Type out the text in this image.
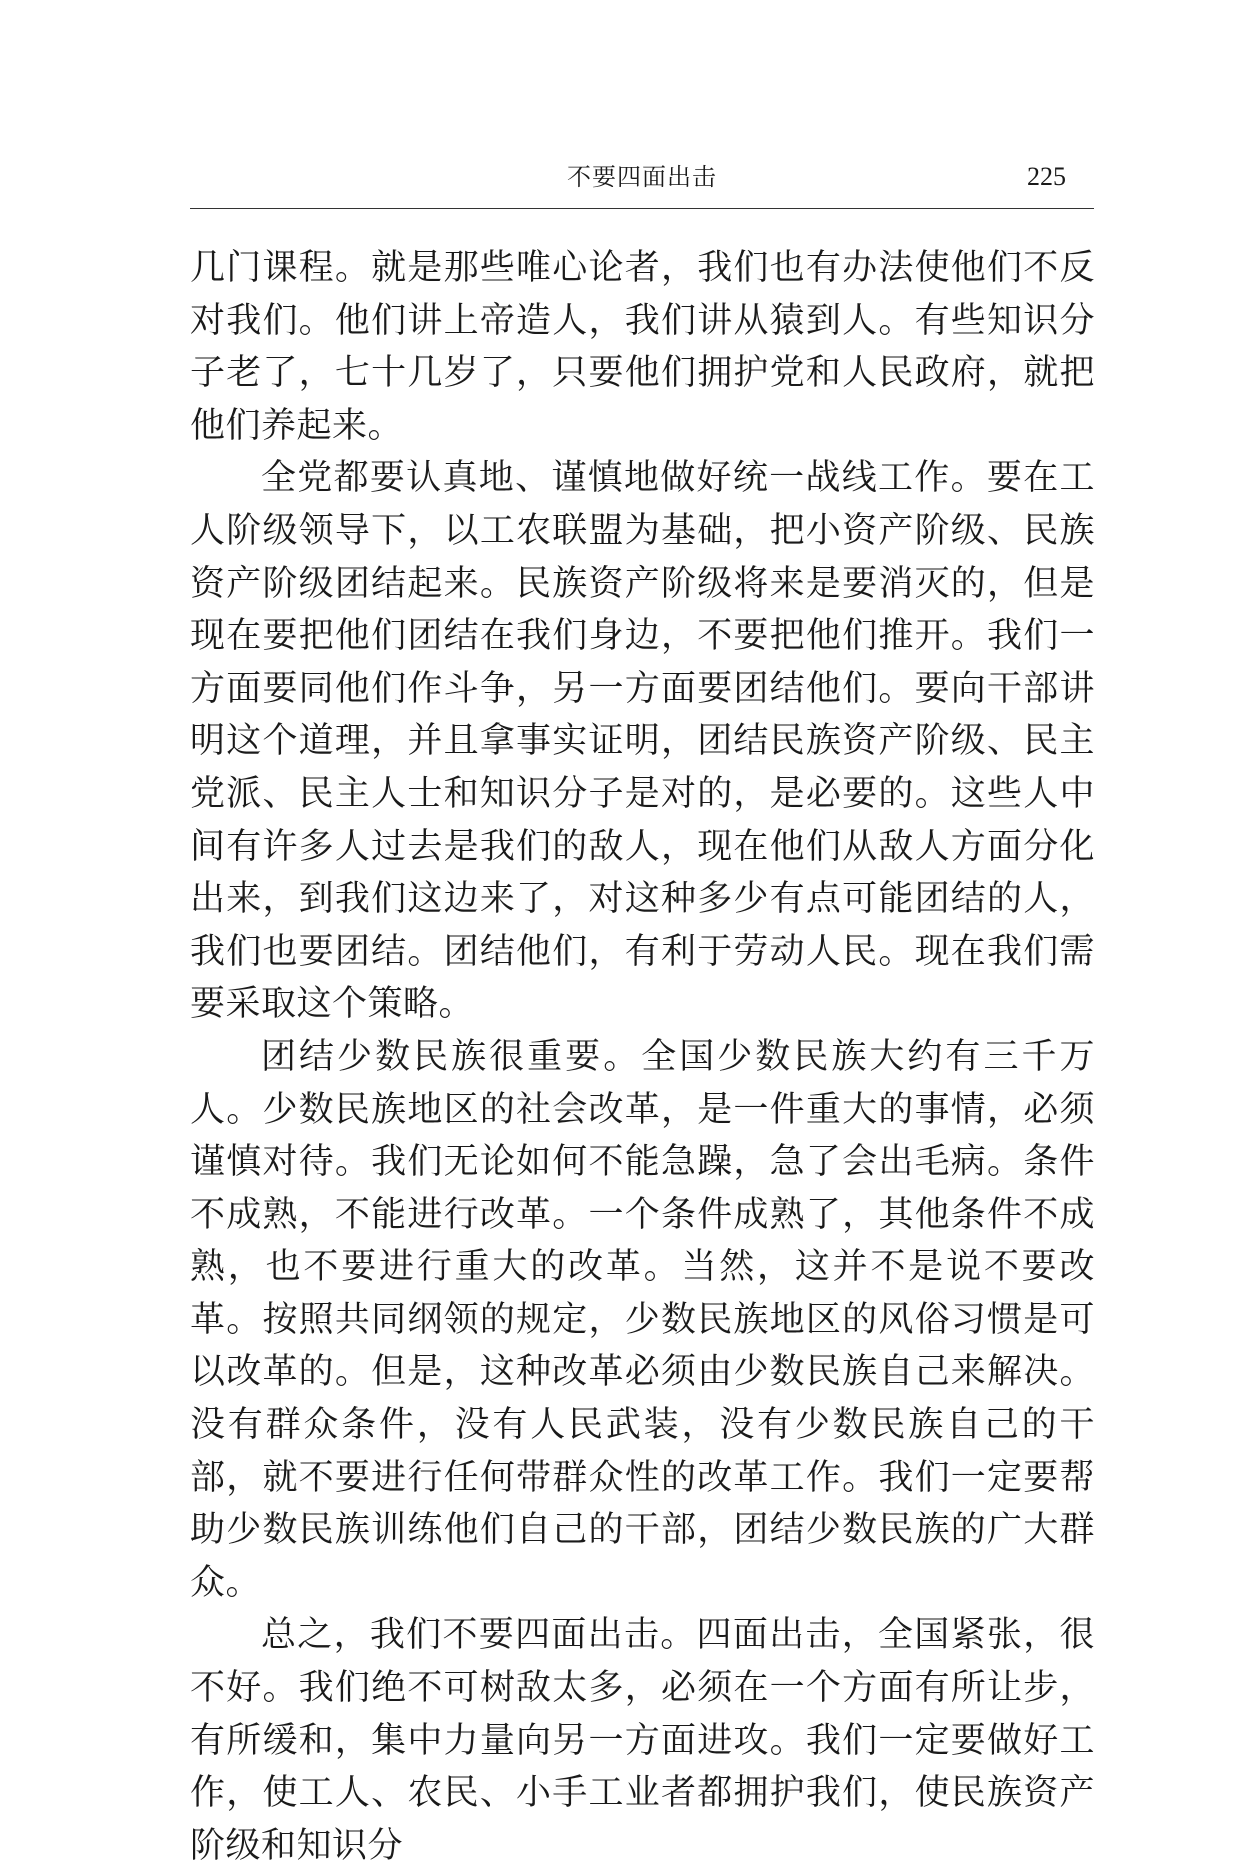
不要四面出击	225

几门课程。就是那些唯心论者，我们也有办法使他们不反对我们。他们讲上帝造人，我们讲从猿到人。有些知识分子老了，七十几岁了，只要他们拥护党和人民政府，就把他们养起来。

全党都要认真地、谨慎地做好统一战线工作。要在工人阶级领导下，以工农联盟为基础，把小资产阶级、民族资产阶级团结起来。民族资产阶级将来是要消灭的，但是现在要把他们团结在我们身边，不要把他们推开。我们一方面要同他们作斗争，另一方面要团结他们。要向干部讲明这个道理，并且拿事实证明，团结民族资产阶级、民主党派、民主人士和知识分子是对的，是必要的。这些人中间有许多人过去是我们的敌人，现在他们从敌人方面分化出来，到我们这边来了，对这种多少有点可能团结的人，我们也要团结。团结他们，有利于劳动人民。现在我们需要采取这个策略。

团结少数民族很重要。全国少数民族大约有三千万人。少数民族地区的社会改革，是一件重大的事情，必须谨慎对待。我们无论如何不能急躁，急了会出毛病。条件不成熟，不能进行改革。一个条件成熟了，其他条件不成熟，也不要进行重大的改革。当然，这并不是说不要改革。按照共同纲领的规定，少数民族地区的风俗习惯是可以改革的。但是，这种改革必须由少数民族自己来解决。没有群众条件，没有人民武装，没有少数民族自己的干部，就不要进行任何带群众性的改革工作。我们一定要帮助少数民族训练他们自己的干部，团结少数民族的广大群众。

总之，我们不要四面出击。四面出击，全国紧张，很不好。我们绝不可树敌太多，必须在一个方面有所让步，有所缓和，集中力量向另一方面进攻。我们一定要做好工作，使工人、农民、小手工业者都拥护我们，使民族资产阶级和知识分
